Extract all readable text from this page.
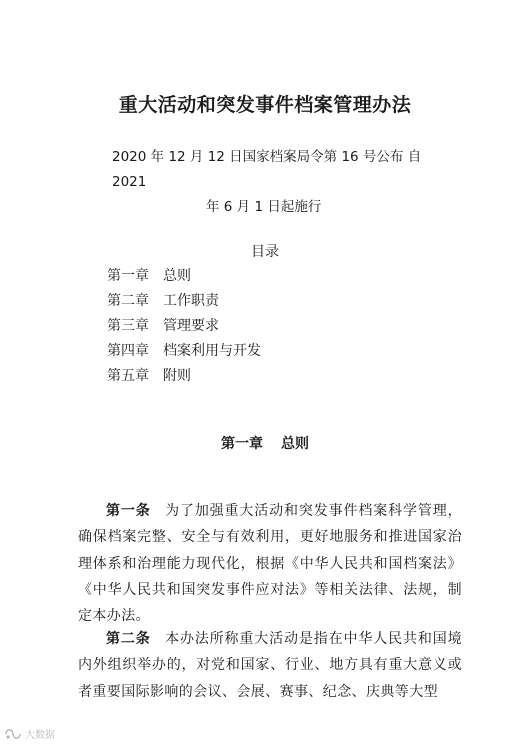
重大活动和突发事件档案管理办法
2020 年 12 月 12 日国家档案局令第 16 号公布 自 2021
年 6 月 1 日起施行
目录
第一章 总则
第二章 工作职责
第三章 管理要求
第四章 档案利用与开发
第五章 附则
第一章 总则

第一条 为了加强重大活动和突发事件档案科学管理，确保档案完整、安全与有效利用，更好地服务和推进国家治理体系和治理能力现代化，根据《中华人民共和国档案法》《中华人民共和国突发事件应对法》等相关法律、法规，制定本办法。

第二条 本办法所称重大活动是指在中华人民共和国境内外组织举办的，对党和国家、行业、地方具有重大意义或者重要国际影响的会议、会展、赛事、纪念、庆典等大型

大数据
